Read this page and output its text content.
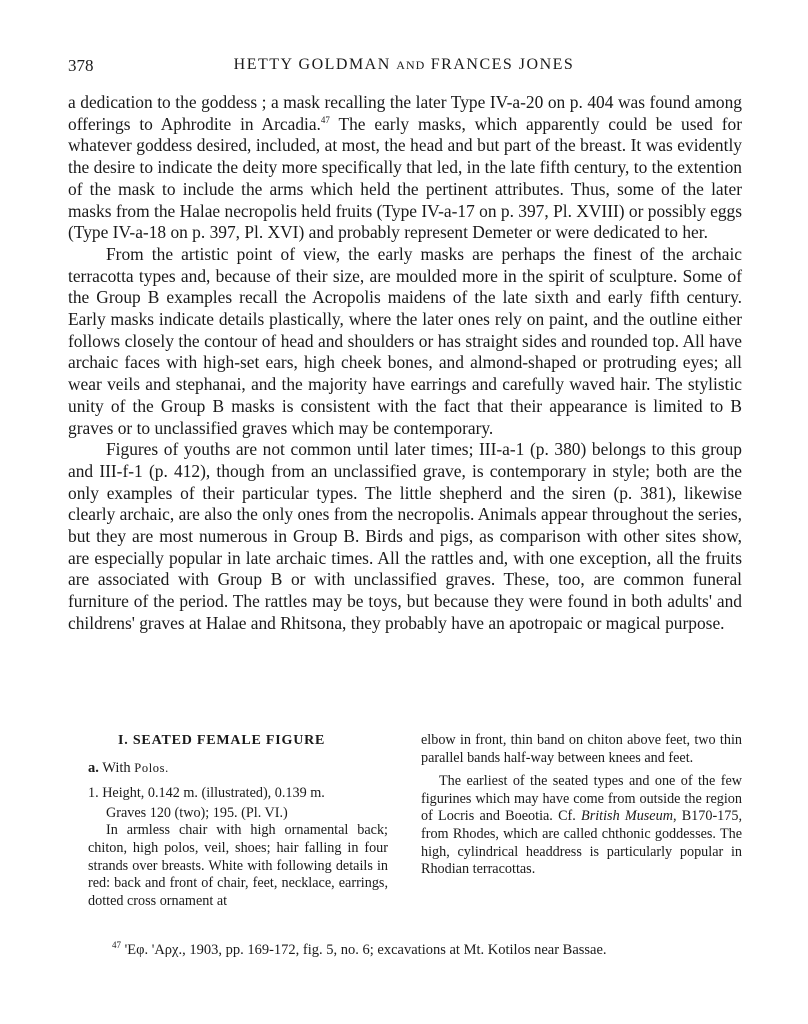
378	HETTY GOLDMAN AND FRANCES JONES

a dedication to the goddess ; a mask recalling the later Type IV-a-20 on p. 404 was found among offerings to Aphrodite in Arcadia.$^{47}$ The early masks, which apparently could be used for whatever goddess desired, included, at most, the head and but part of the breast. It was evidently the desire to indicate the deity more specifically that led, in the late fifth century, to the extention of the mask to include the arms which held the pertinent attributes. Thus, some of the later masks from the Halae necropolis held fruits (Type IV-a-17 on p. 397, Pl. XVIII) or possibly eggs (Type IV-a-18 on p. 397, Pl. XVI) and probably represent Demeter or were dedicated to her.

From the artistic point of view, the early masks are perhaps the finest of the archaic terracotta types and, because of their size, are moulded more in the spirit of sculpture. Some of the Group B examples recall the Acropolis maidens of the late sixth and early fifth century. Early masks indicate details plastically, where the later ones rely on paint, and the outline either follows closely the contour of head and shoulders or has straight sides and rounded top. All have archaic faces with high-set ears, high cheek bones, and almond-shaped or protruding eyes; all wear veils and stephanai, and the majority have earrings and carefully waved hair. The stylistic unity of the Group B masks is consistent with the fact that their appearance is limited to B graves or to unclassified graves which may be contemporary.

Figures of youths are not common until later times; III-a-1 (p. 380) belongs to this group and III-f-1 (p. 412), though from an unclassified grave, is contemporary in style; both are the only examples of their particular types. The little shepherd and the siren (p. 381), likewise clearly archaic, are also the only ones from the necropolis. Animals appear throughout the series, but they are most numerous in Group B. Birds and pigs, as comparison with other sites show, are especially popular in late archaic times. All the rattles and, with one exception, all the fruits are associated with Group B or with unclassified graves. These, too, are common funeral furniture of the period. The rattles may be toys, but because they were found in both adults' and childrens' graves at Halae and Rhitsona, they probably have an apotropaic or magical purpose.

I. SEATED FEMALE FIGURE
a. With Polos.

1. Height, 0.142 m. (illustrated), 0.139 m.

Graves 120 (two); 195. (Pl. VI.)

In armless chair with high ornamental back; chiton, high polos, veil, shoes; hair falling in four strands over breasts. White with following details in red: back and front of chair, feet, necklace, earrings, dotted cross ornament at

elbow in front, thin band on chiton above feet, two thin parallel bands half-way between knees and feet.

The earliest of the seated types and one of the few figurines which may have come from outside the region of Locris and Boeotia. Cf. British Museum, B170-175, from Rhodes, which are called chthonic goddesses. The high, cylindrical headdress is particularly popular in Rhodian terracottas.

$^{47}$ 'Eφ. 'Aρχ., 1903, pp. 169-172, fig. 5, no. 6; excavations at Mt. Kotilos near Bassae.
